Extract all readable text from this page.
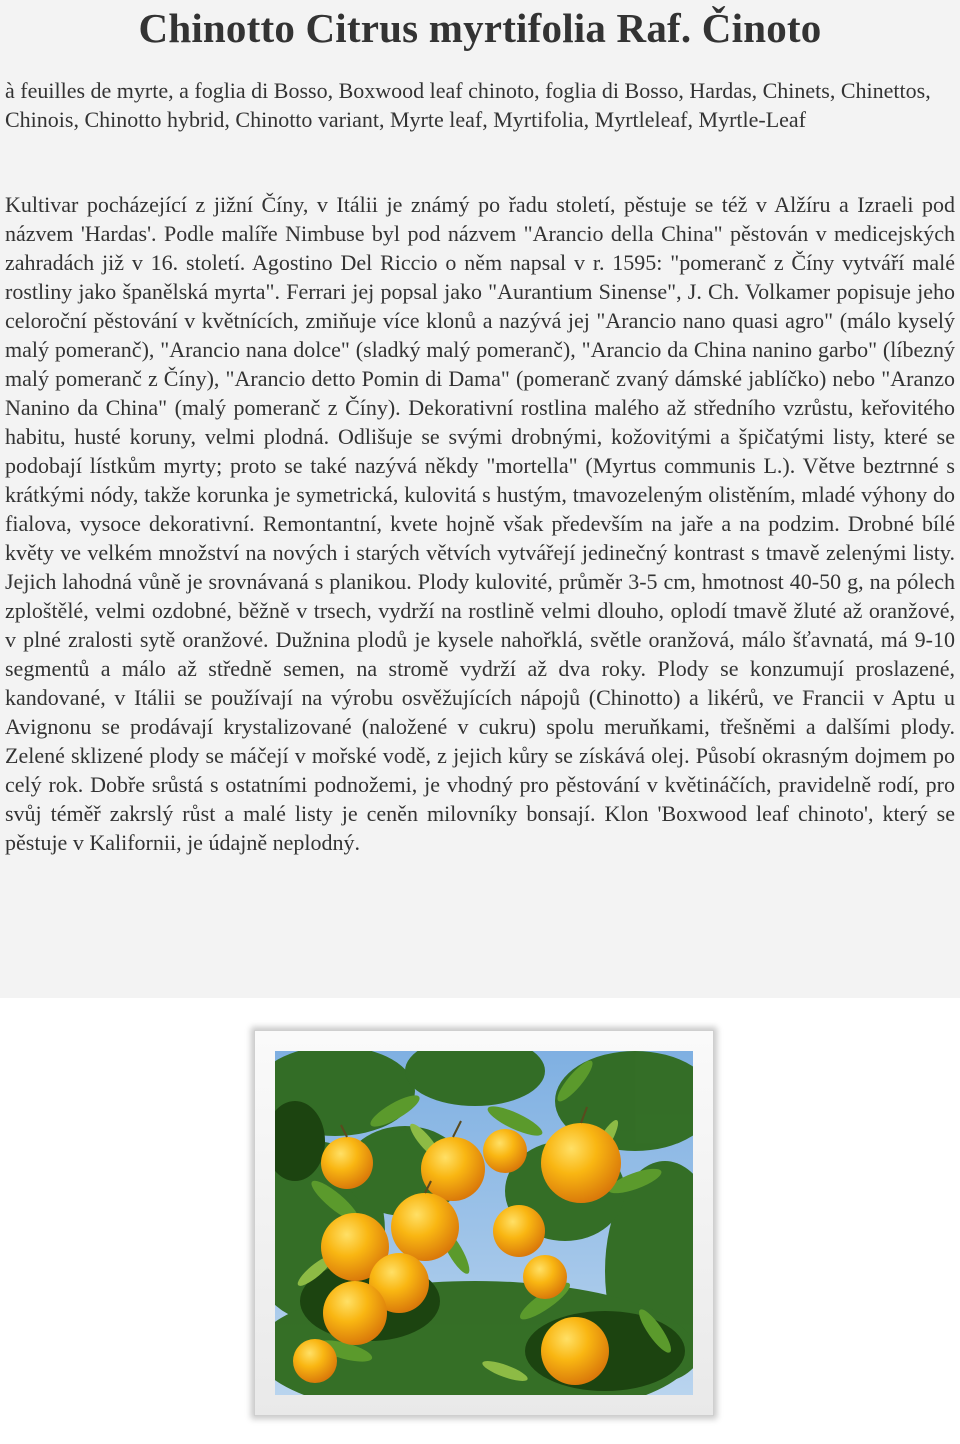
Chinotto Citrus myrtifolia Raf. Činoto
à feuilles de myrte, a foglia di Bosso, Boxwood leaf chinoto, foglia di Bosso, Hardas, Chinets, Chinettos, Chinois, Chinotto hybrid, Chinotto variant, Myrte leaf, Myrtifolia, Myrtleleaf, Myrtle-Leaf
Kultivar pocházející z jižní Číny, v Itálii je známý po řadu století, pěstuje se též v Alžíru a Izraeli pod názvem 'Hardas'. Podle malíře Nimbuse byl pod názvem "Arancio della China" pěstován v medicejských zahradách již v 16. století. Agostino Del Riccio o něm napsal v r. 1595: "pomeranč z Číny vytváří malé rostliny jako španělská myrta". Ferrari jej popsal jako "Aurantium Sinense", J. Ch. Volkamer popisuje jeho celoroční pěstování v květnících, zmiňuje více klonů a nazývá jej "Arancio nano quasi agro" (málo kyselý malý pomeranč), "Arancio nana dolce" (sladký malý pomeranč), "Arancio da China nanino garbo" (líbezný malý pomeranč z Číny), "Arancio detto Pomin di Dama" (pomeranč zvaný dámské jablíčko) nebo "Aranzo Nanino da China" (malý pomeranč z Číny). Dekorativní rostlina malého až středního vzrůstu, keřovitého habitu, husté koruny, velmi plodná. Odlišuje se svými drobnými, kožovitými a špičatými listy, které se podobají lístkům myrty; proto se také nazývá někdy "mortella" (Myrtus communis L.). Větve beztrnné s krátkými nódy, takže korunka je symetrická, kulovitá s hustým, tmavozeleným olistěním, mladé výhony do fialova, vysoce dekorativní. Remontantní, kvete hojně však především na jaře a na podzim. Drobné bílé květy ve velkém množství na nových i starých větvích vytvářejí jedinečný kontrast s tmavě zelenými listy. Jejich lahodná vůně je srovnávaná s planikou. Plody kulovité, průměr 3-5 cm, hmotnost 40-50 g, na pólech zploštělé, velmi ozdobné, běžně v trsech, vydrží na rostlině velmi dlouho, oplodí tmavě žluté až oranžové, v plné zralosti sytě oranžové. Dužnina plodů je kysele nahořklá, světle oranžová, málo šťavnatá, má 9-10 segmentů a málo až středně semen, na stromě vydrží až dva roky. Plody se konzumují proslazené, kandované, v Itálii se používají na výrobu osvěžujících nápojů (Chinotto) a likérů, ve Francii v Aptu u Avignonu se prodávají krystalizované (naložené v cukru) spolu meruňkami, třešněmi a dalšími plody. Zelené sklizené plody se máčejí v mořské vodě, z jejich kůry se získává olej. Působí okrasným dojmem po celý rok. Dobře srůstá s ostatními podnožemi, je vhodný pro pěstování v květináčích, pravidelně rodí, pro svůj téměř zakrslý růst a malé listy je ceněn milovníky bonsají. Klon 'Boxwood leaf chinoto', který se pěstuje v Kalifornii, je údajně neplodný.
